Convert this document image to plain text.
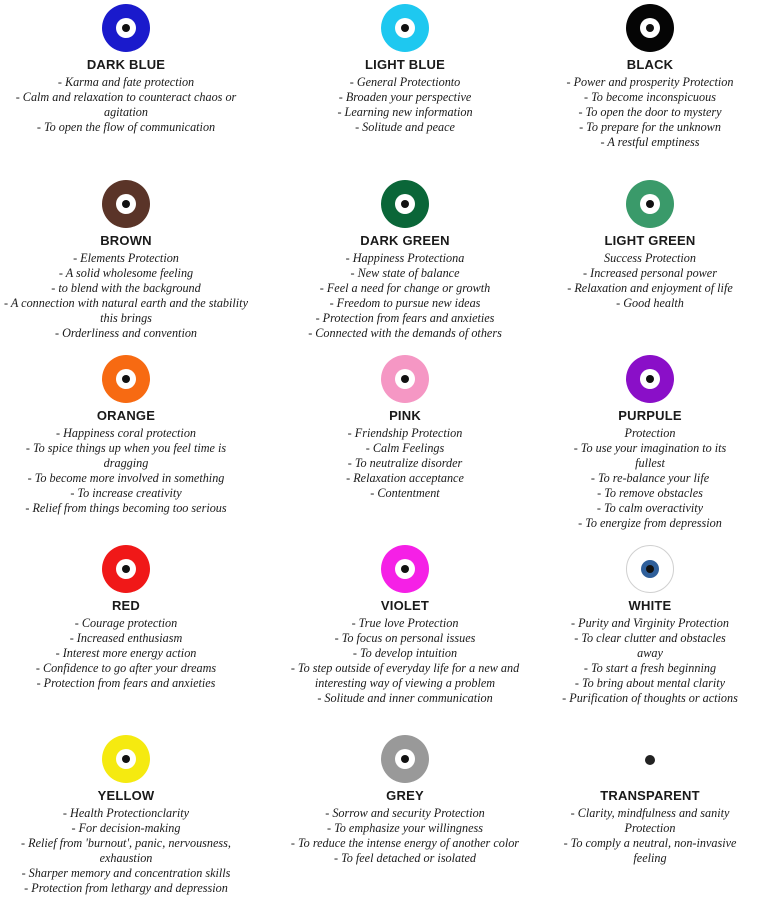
DARK BLUE
- Karma and fate protection
- Calm and relaxation to counteract chaos or agitation
- To open the flow of communication
LIGHT BLUE
- General Protectionto
- Broaden your perspective
- Learning new information
- Solitude and peace
BLACK
- Power and prosperity Protection
- To become inconspicuous
- To open the door to mystery
- To prepare for the unknown
- A restful emptiness
BROWN
- Elements Protection
- A solid wholesome feeling
- to blend with the background
- A connection with natural earth and the stability this brings
- Orderliness and convention
DARK GREEN
- Happiness Protectiona
- New state of balance
- Feel a need for change or growth
- Freedom to pursue new ideas
- Protection from fears and anxieties
- Connected with the demands of others
LIGHT GREEN
Success Protection
- Increased personal power
- Relaxation and enjoyment of life
- Good health
ORANGE
- Happiness coral protection
- To spice things up when you feel time is dragging
- To become more involved in something
- To increase creativity
- Relief from things becoming too serious
PINK
- Friendship Protection
- Calm Feelings
- To neutralize disorder
- Relaxation acceptance
- Contentment
PURPULE
Protection
- To use your imagination to its fullest
- To re-balance your life
- To remove obstacles
- To calm overactivity
- To energize from depression
RED
- Courage protection
- Increased enthusiasm
- Interest more energy action
- Confidence to go after your dreams
- Protection from fears and anxieties
VIOLET
- True love Protection
- To focus on personal issues
- To develop intuition
- To step outside of everyday life for a new and interesting way of viewing a problem
- Solitude and inner communication
WHITE
- Purity and Virginity Protection
- To clear clutter and obstacles away
- To start a fresh beginning
- To bring about mental clarity
- Purification of thoughts or actions
YELLOW
- Health Protectionclarity
- For decision-making
- Relief from 'burnout', panic, nervousness, exhaustion
- Sharper memory and concentration skills
- Protection from lethargy and depression
GREY
- Sorrow and security Protection
- To emphasize your willingness
- To reduce the intense energy of another color
- To feel detached or isolated
TRANSPARENT
- Clarity, mindfulness and sanity Protection
- To comply a neutral, non-invasive feeling
